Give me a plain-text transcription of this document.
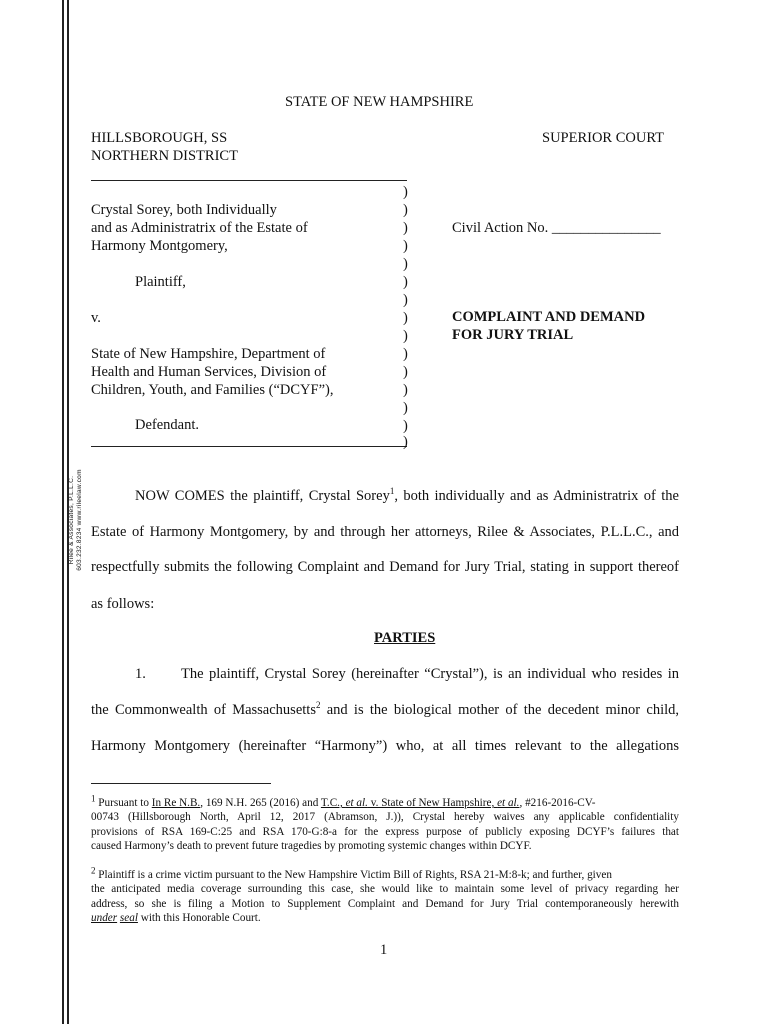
Rilee & Associates, P.L.L.C. 603.232.8234 www.rileelaw.com
STATE OF NEW HAMPSHIRE
HILLSBOROUGH, SS
NORTHERN DISTRICT
SUPERIOR COURT
)
)
)
)
)
)
)
)
)
)
)
)
)
)
)
Crystal Sorey, both Individually
and as Administratrix of the Estate of
Harmony Montgomery,
Plaintiff,
v.
State of New Hampshire, Department of
Health and Human Services, Division of
Children, Youth, and Families (“DCYF”),
Defendant.
Civil Action No. _______________
COMPLAINT AND DEMAND
FOR JURY TRIAL
NOW COMES the plaintiff, Crystal Sorey$^1$, both individually and as Administratrix of the
Estate of Harmony Montgomery, by and through her attorneys, Rilee & Associates, P.L.L.C., and
respectfully submits the following Complaint and Demand for Jury Trial, stating in support thereof
as follows:
PARTIES
1. The plaintiff, Crystal Sorey (hereinafter “Crystal”), is an individual who resides in
the Commonwealth of Massachusetts$^2$ and is the biological mother of the decedent minor child,
Harmony Montgomery (hereinafter “Harmony”) who, at all times relevant to the allegations
$^1$ Pursuant to In Re N.B., 169 N.H. 265 (2016) and T.C., et al. v. State of New Hampshire, et al., #216-2016-CV-
00743 (Hillsborough North, April 12, 2017 (Abramson, J.)), Crystal hereby waives any applicable confidentiality
provisions of RSA 169-C:25 and RSA 170-G:8-a for the express purpose of publicly exposing DCYF’s failures that
caused Harmony’s death to prevent future tragedies by promoting systemic changes within DCYF.
$^2$ Plaintiff is a crime victim pursuant to the New Hampshire Victim Bill of Rights, RSA 21-M:8-k; and further, given
the anticipated media coverage surrounding this case, she would like to maintain some level of privacy regarding her
address, so she is filing a Motion to Supplement Complaint and Demand for Jury Trial contemporaneously herewith
under seal with this Honorable Court.
1
